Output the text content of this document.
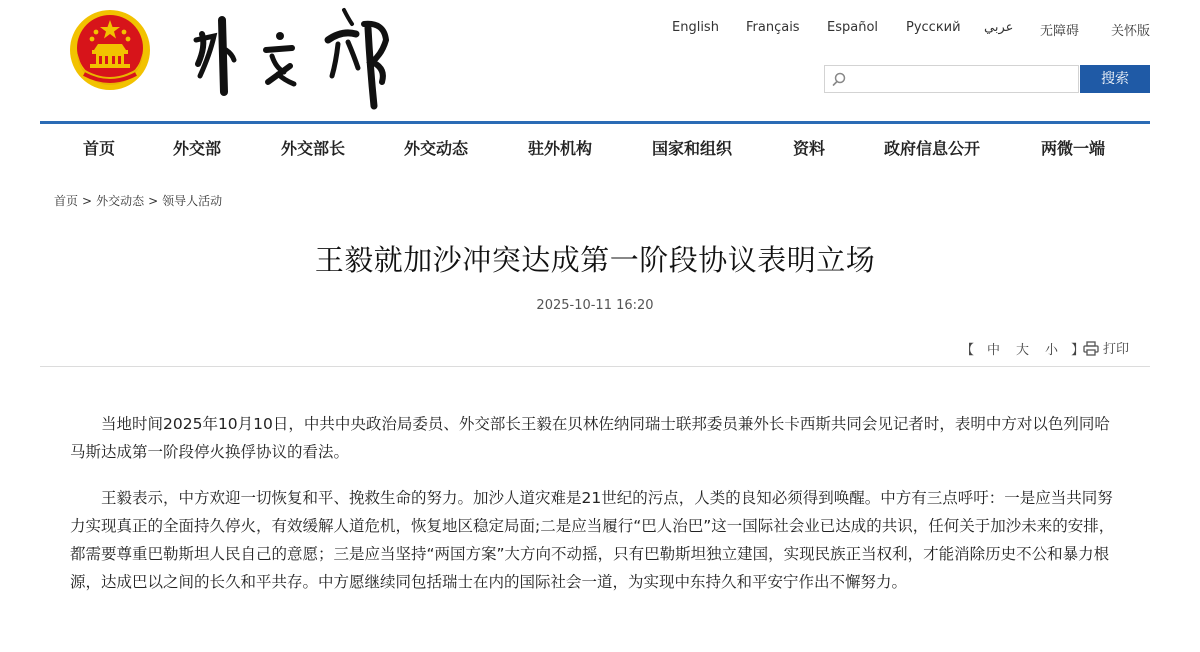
English Français Español Русский عربي 无障碍 关怀版
搜索
首页	外交部	外交部长	外交动态	驻外机构	国家和组织	资料	政府信息公开	两微一端
首页 > 外交动态 > 领导人活动
王毅就加沙冲突达成第一阶段协议表明立场
2025-10-11 16:20
【 中 大 小 】	打印

当地时间2025年10月10日，中共中央政治局委员、外交部长王毅在贝林佐纳同瑞士联邦委员兼外长卡西斯共同会见记者时，表明中方对以色列同哈马斯达成第一阶段停火换俘协议的看法。

王毅表示，中方欢迎一切恢复和平、挽救生命的努力。加沙人道灾难是21世纪的污点，人类的良知必须得到唤醒。中方有三点呼吁：一是应当共同努力实现真正的全面持久停火，有效缓解人道危机，恢复地区稳定局面;二是应当履行“巴人治巴”这一国际社会业已达成的共识，任何关于加沙未来的安排，都需要尊重巴勒斯坦人民自己的意愿；三是应当坚持“两国方案”大方向不动摇，只有巴勒斯坦独立建国，实现民族正当权利，才能消除历史不公和暴力根源，达成巴以之间的长久和平共存。中方愿继续同包括瑞士在内的国际社会一道，为实现中东持久和平安宁作出不懈努力。
